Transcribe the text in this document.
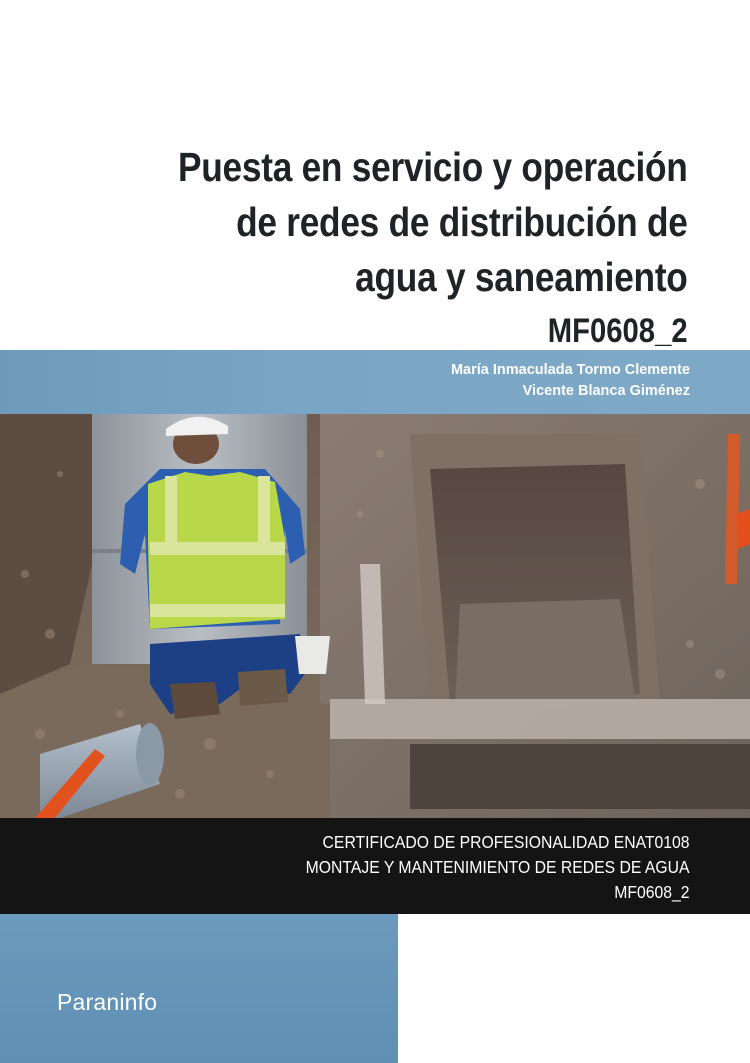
Puesta en servicio y operación
de redes de distribución de
agua y saneamiento
MF0608_2
María Inmaculada Tormo Clemente
Vicente Blanca Giménez
CERTIFICADO DE PROFESIONALIDAD ENAT0108
MONTAJE Y MANTENIMIENTO DE REDES DE AGUA
MF0608_2
Paraninfo
